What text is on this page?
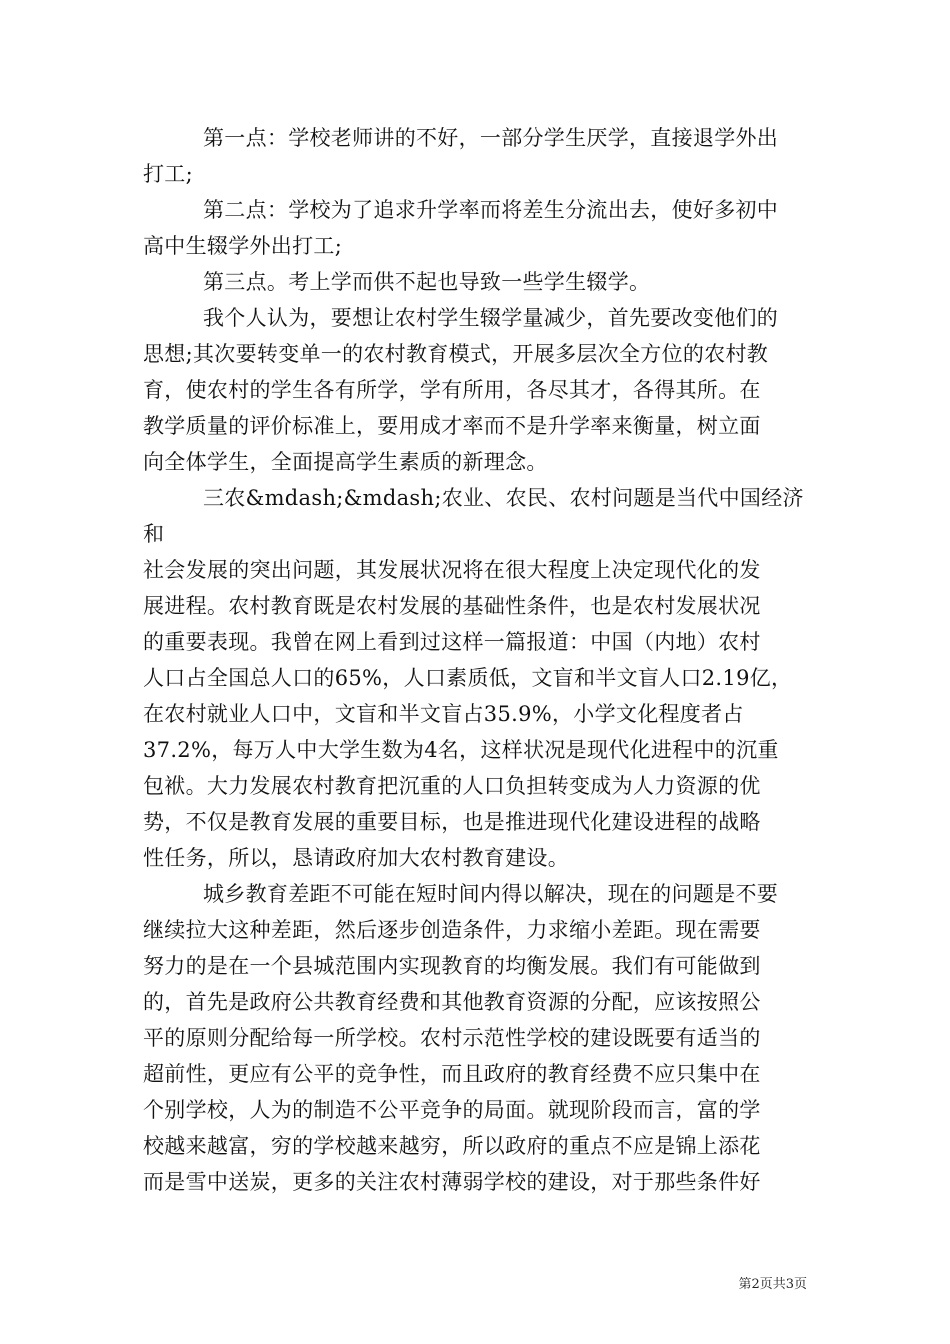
第一点：学校老师讲的不好，一部分学生厌学，直接退学外出
打工;
第二点：学校为了追求升学率而将差生分流出去，使好多初中
高中生辍学外出打工;
第三点。考上学而供不起也导致一些学生辍学。
我个人认为，要想让农村学生辍学量减少，首先要改变他们的
思想;其次要转变单一的农村教育模式，开展多层次全方位的农村教
育，使农村的学生各有所学，学有所用，各尽其才，各得其所。在
教学质量的评价标准上，要用成才率而不是升学率来衡量，树立面
向全体学生，全面提高学生素质的新理念。
三农&mdash;&mdash;农业、农民、农村问题是当代中国经济和
社会发展的突出问题，其发展状况将在很大程度上决定现代化的发
展进程。农村教育既是农村发展的基础性条件，也是农村发展状况
的重要表现。我曾在网上看到过这样一篇报道：中国（内地）农村
人口占全国总人口的65%，人口素质低，文盲和半文盲人口2.19亿，
在农村就业人口中，文盲和半文盲占35.9%，小学文化程度者占
37.2%，每万人中大学生数为4名，这样状况是现代化进程中的沉重
包袱。大力发展农村教育把沉重的人口负担转变成为人力资源的优
势，不仅是教育发展的重要目标，也是推进现代化建设进程的战略
性任务，所以，恳请政府加大农村教育建设。
城乡教育差距不可能在短时间内得以解决，现在的问题是不要
继续拉大这种差距，然后逐步创造条件，力求缩小差距。现在需要
努力的是在一个县城范围内实现教育的均衡发展。我们有可能做到
的，首先是政府公共教育经费和其他教育资源的分配，应该按照公
平的原则分配给每一所学校。农村示范性学校的建设既要有适当的
超前性，更应有公平的竞争性，而且政府的教育经费不应只集中在
个别学校，人为的制造不公平竞争的局面。就现阶段而言，富的学
校越来越富，穷的学校越来越穷，所以政府的重点不应是锦上添花
而是雪中送炭，更多的关注农村薄弱学校的建设，对于那些条件好
第2页共3页
